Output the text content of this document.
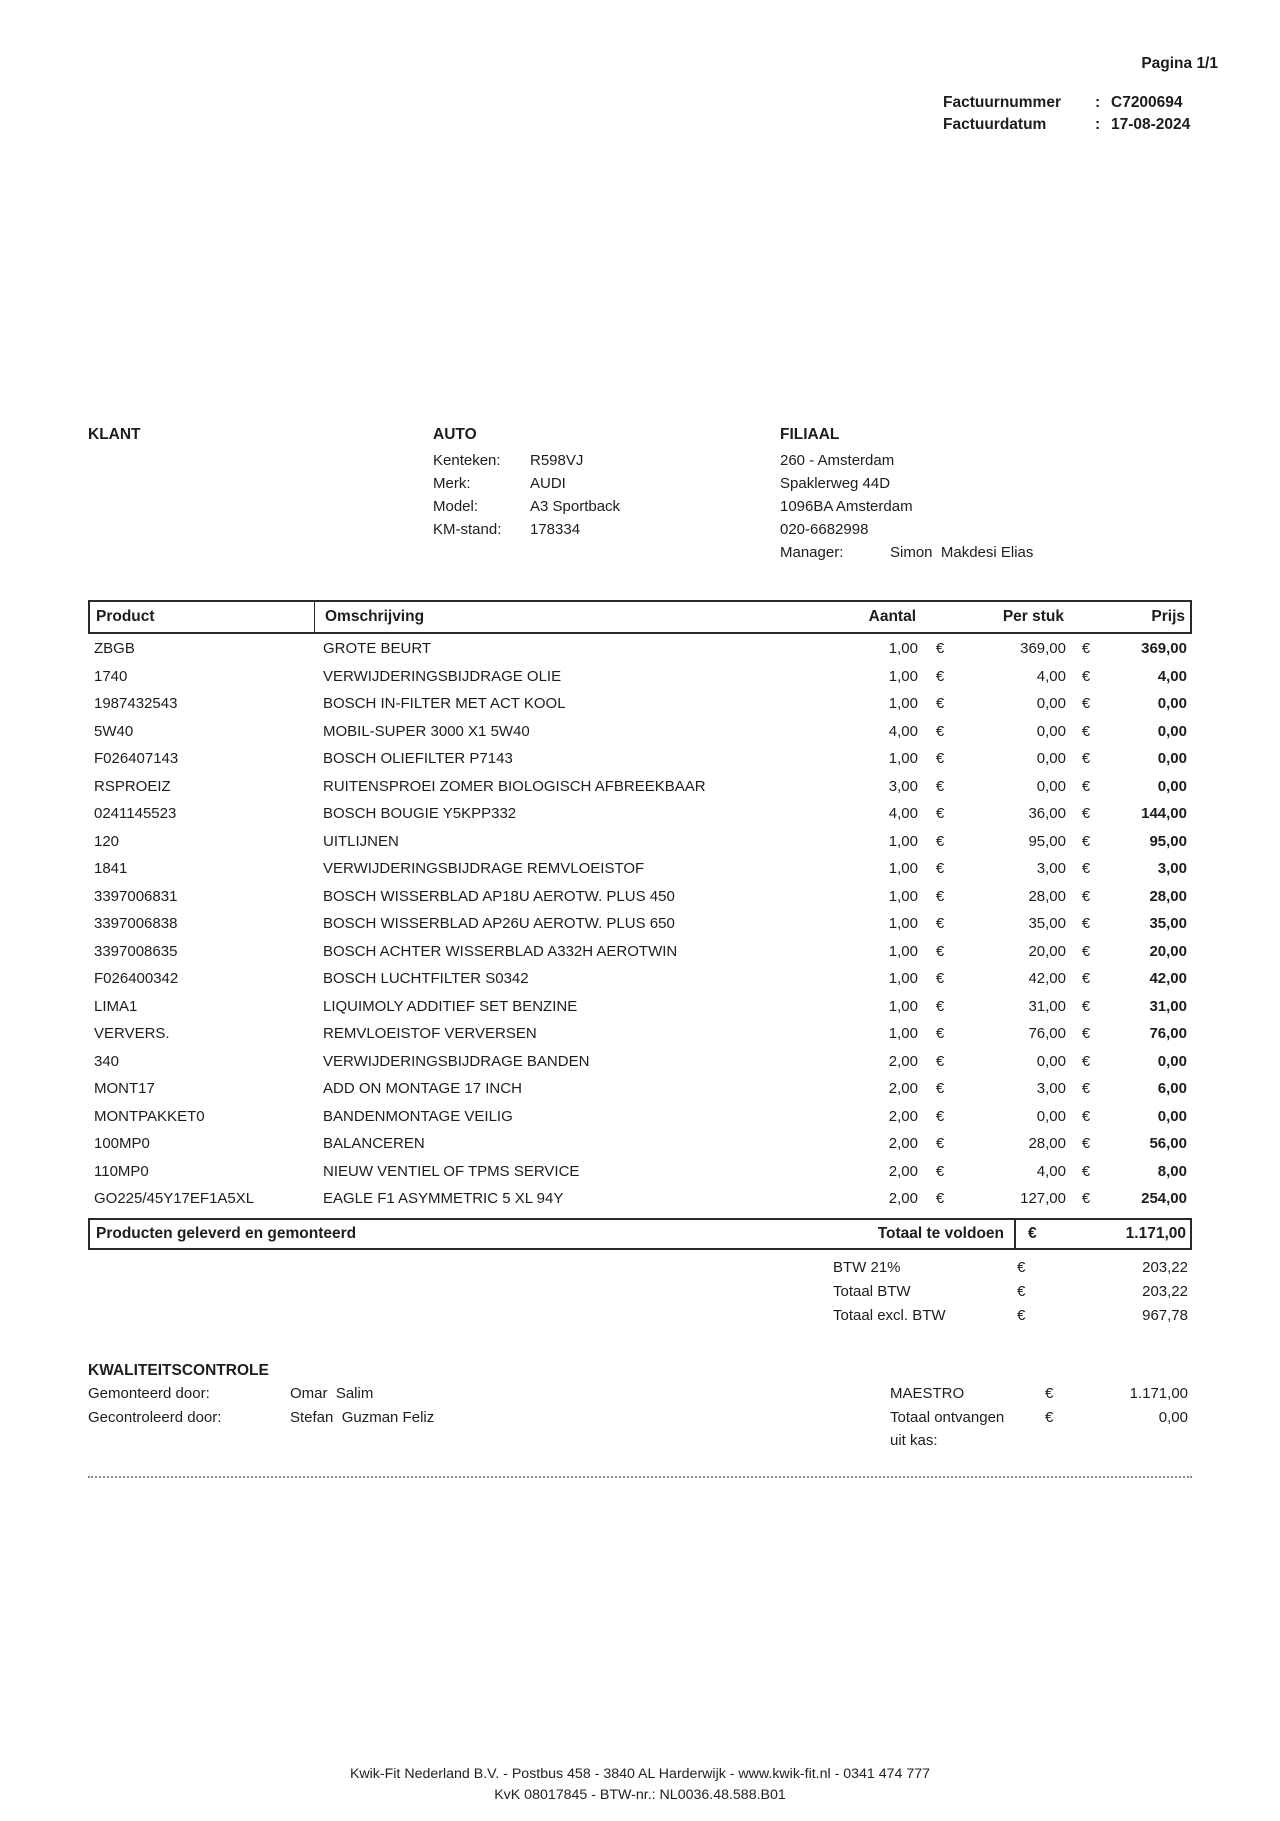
Pagina 1/1
Factuurnummer	: C7200694
Factuurdatum	: 17-08-2024
KLANT	AUTO
Kenteken:	R598VJ
Merk:	AUDI
Model:	A3 Sportback
KM-stand:	178334
FILIAAL
260 - Amsterdam
Spaklerweg 44D
1096BA Amsterdam
020-6682998
Manager:	Simon  Makdesi Elias
Product	Omschrijving	Aantal	Per stuk	Prijs
ZBGB	GROTE BEURT	1,00	€	369,00	€	369,00
1740	VERWIJDERINGSBIJDRAGE OLIE	1,00	€	4,00	€	4,00
1987432543	BOSCH IN-FILTER MET ACT KOOL	1,00	€	0,00	€	0,00
5W40	MOBIL-SUPER 3000 X1 5W40	4,00	€	0,00	€	0,00
F026407143	BOSCH OLIEFILTER P7143	1,00	€	0,00	€	0,00
RSPROEIZ	RUITENSPROEI ZOMER BIOLOGISCH AFBREEKBAAR	3,00	€	0,00	€	0,00
0241145523	BOSCH BOUGIE Y5KPP332	4,00	€	36,00	€	144,00
120	UITLIJNEN	1,00	€	95,00	€	95,00
1841	VERWIJDERINGSBIJDRAGE REMVLOEISTOF	1,00	€	3,00	€	3,00
3397006831	BOSCH WISSERBLAD AP18U AEROTW. PLUS 450	1,00	€	28,00	€	28,00
3397006838	BOSCH WISSERBLAD AP26U AEROTW. PLUS 650	1,00	€	35,00	€	35,00
3397008635	BOSCH ACHTER WISSERBLAD A332H AEROTWIN	1,00	€	20,00	€	20,00
F026400342	BOSCH LUCHTFILTER S0342	1,00	€	42,00	€	42,00
LIMA1	LIQUIMOLY ADDITIEF SET BENZINE	1,00	€	31,00	€	31,00
VERVERS.	REMVLOEISTOF VERVERSEN	1,00	€	76,00	€	76,00
340	VERWIJDERINGSBIJDRAGE BANDEN	2,00	€	0,00	€	0,00
MONT17	ADD ON MONTAGE 17 INCH	2,00	€	3,00	€	6,00
MONTPAKKET0	BANDENMONTAGE VEILIG	2,00	€	0,00	€	0,00
100MP0	BALANCEREN	2,00	€	28,00	€	56,00
110MP0	NIEUW VENTIEL OF TPMS SERVICE	2,00	€	4,00	€	8,00
GO225/45Y17EF1A5XL	EAGLE F1 ASYMMETRIC 5 XL 94Y	2,00	€	127,00	€	254,00
Producten geleverd en gemonteerd	Totaal te voldoen	€	1.171,00
BTW 21%	€	203,22
Totaal BTW	€	203,22
Totaal excl. BTW	€	967,78
KWALITEITSCONTROLE
Gemonteerd door:	Omar  Salim
Gecontroleerd door:	Stefan  Guzman Feliz
MAESTRO	€	1.171,00
Totaal ontvangen
uit kas:
€	0,00
Kwik-Fit Nederland B.V. - Postbus 458 - 3840 AL Harderwijk - www.kwik-fit.nl - 0341 474 777
KvK 08017845 - BTW-nr.: NL0036.48.588.B01
